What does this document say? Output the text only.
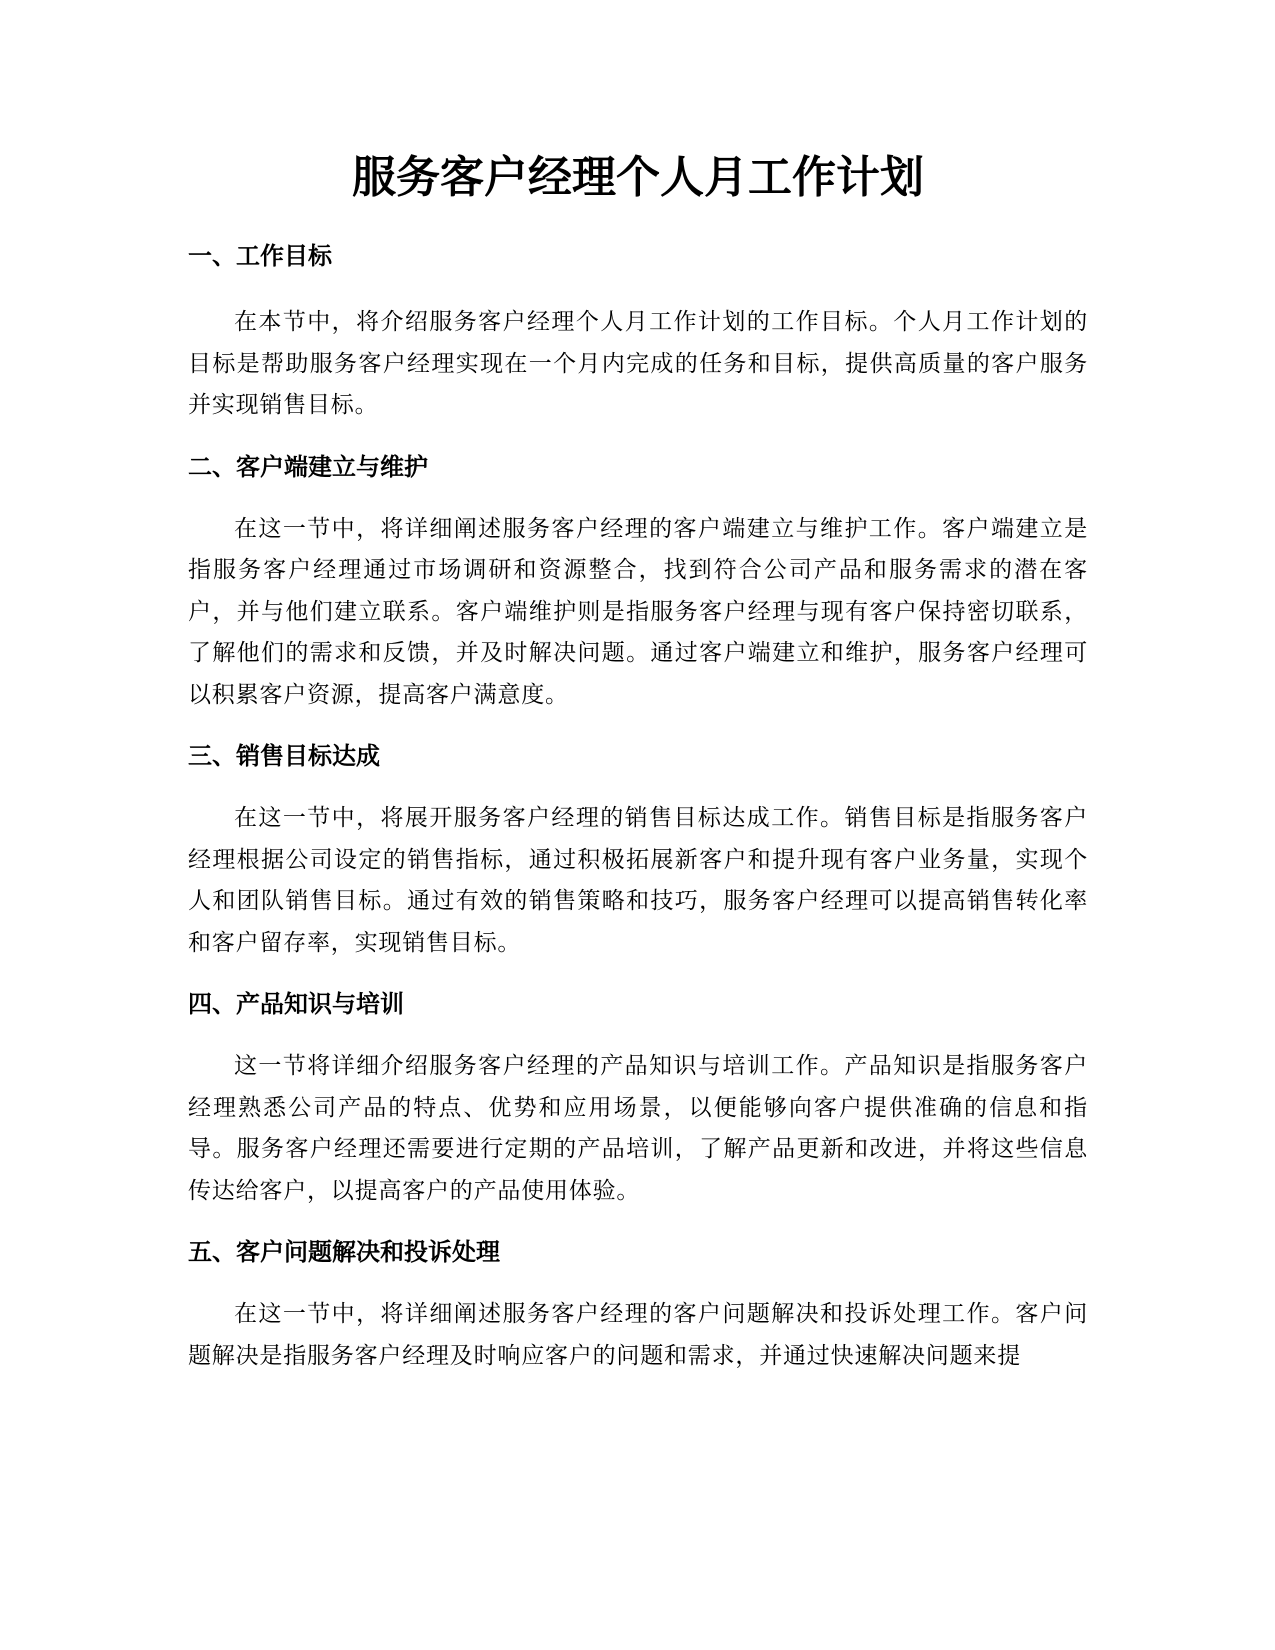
服务客户经理个人月工作计划
一、工作目标

在本节中，将介绍服务客户经理个人月工作计划的工作目标。个人月工作计划的目标是帮助服务客户经理实现在一个月内完成的任务和目标，提供高质量的客户服务并实现销售目标。

二、客户端建立与维护

在这一节中，将详细阐述服务客户经理的客户端建立与维护工作。客户端建立是指服务客户经理通过市场调研和资源整合，找到符合公司产品和服务需求的潜在客户，并与他们建立联系。客户端维护则是指服务客户经理与现有客户保持密切联系，了解他们的需求和反馈，并及时解决问题。通过客户端建立和维护，服务客户经理可以积累客户资源，提高客户满意度。

三、销售目标达成

在这一节中，将展开服务客户经理的销售目标达成工作。销售目标是指服务客户经理根据公司设定的销售指标，通过积极拓展新客户和提升现有客户业务量，实现个人和团队销售目标。通过有效的销售策略和技巧，服务客户经理可以提高销售转化率和客户留存率，实现销售目标。

四、产品知识与培训

这一节将详细介绍服务客户经理的产品知识与培训工作。产品知识是指服务客户经理熟悉公司产品的特点、优势和应用场景，以便能够向客户提供准确的信息和指导。服务客户经理还需要进行定期的产品培训，了解产品更新和改进，并将这些信息传达给客户，以提高客户的产品使用体验。

五、客户问题解决和投诉处理

在这一节中，将详细阐述服务客户经理的客户问题解决和投诉处理工作。客户问题解决是指服务客户经理及时响应客户的问题和需求，并通过快速解决问题来提
